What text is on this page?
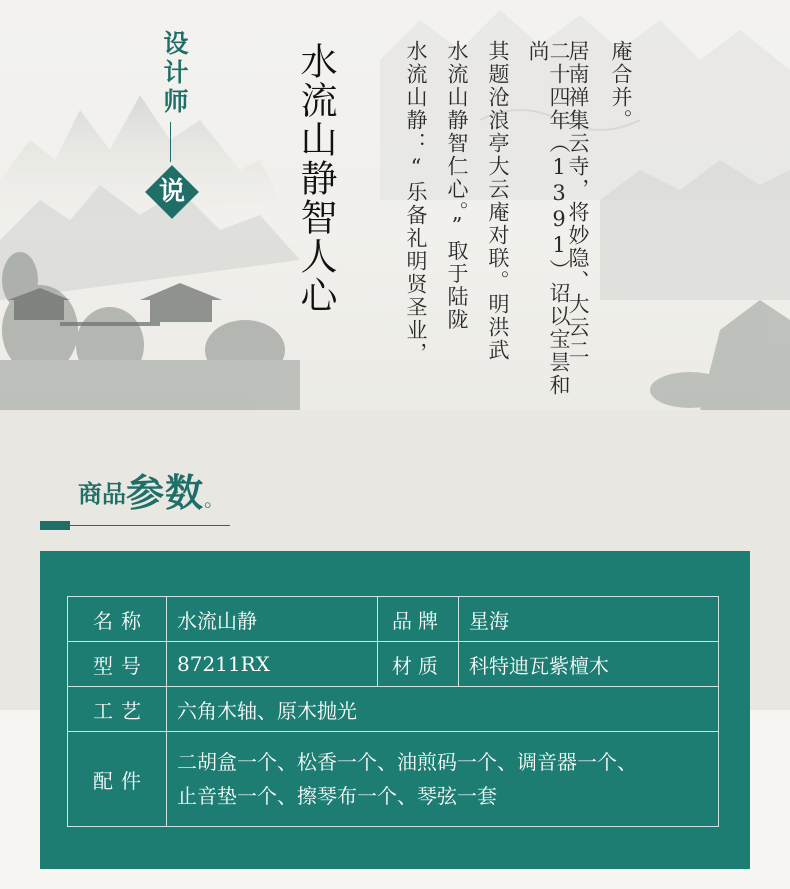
设计师
说	水流山静智人心	庵合并。
居南禅集云寺，将妙隐、大云二
二十四年（1391）诏以宝昙和尚
其题沧浪亭大云庵对联。明洪武
水流山静智仁心。”取于陆陇
水流山静：“乐备礼明贤圣业，
商品参数。
名称	水流山静	品牌	星海
型号	87211RX	材质	科特迪瓦紫檀木
工艺	六角木轴、原木抛光		
配件	二胡盒一个、松香一个、油煎码一个、调音器一个、
止音垫一个、擦琴布一个、琴弦一套		
